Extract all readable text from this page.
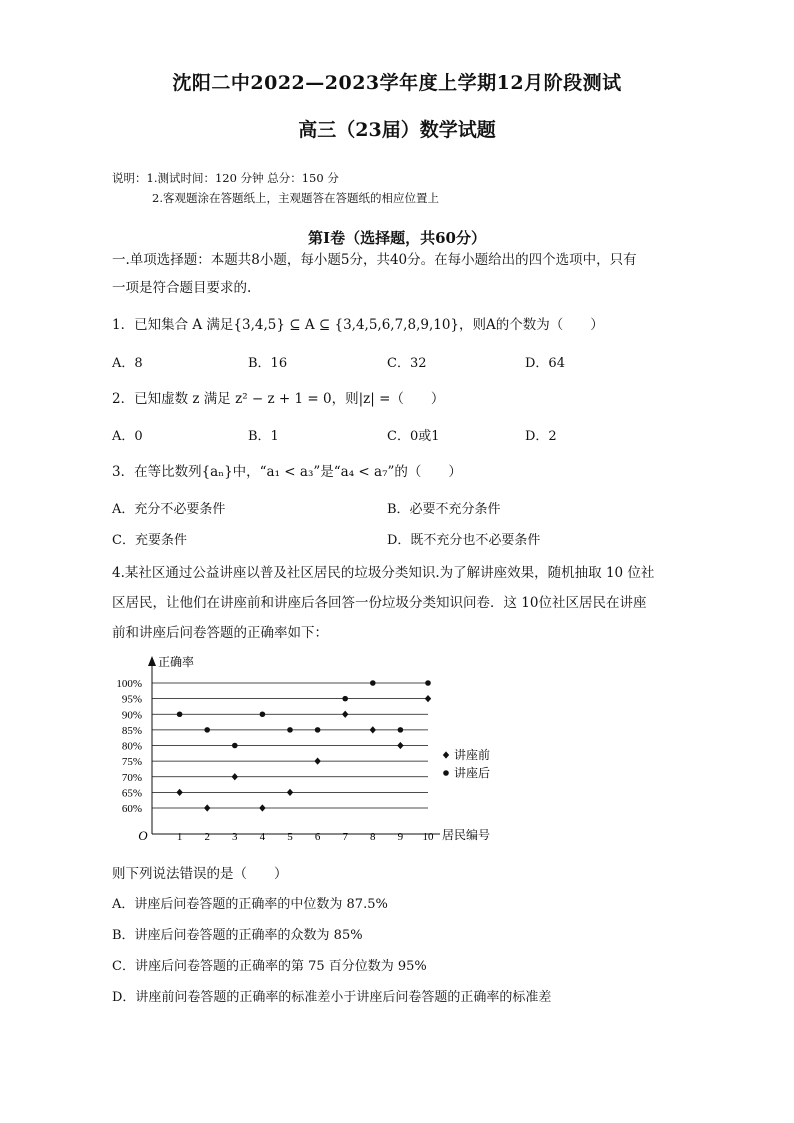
沈阳二中2022—2023学年度上学期12月阶段测试
高三（23届）数学试题
说明：1.测试时间：120 分钟 总分：150 分
2.客观题涂在答题纸上，主观题答在答题纸的相应位置上
第Ⅰ卷（选择题，共60分）
一.单项选择题：本题共8小题，每小题5分，共40分。在每小题给出的四个选项中，只有
一项是符合题目要求的.
1．已知集合 A 满足{3,4,5} ⊆ A ⊆ {3,4,5,6,7,8,9,10}，则A的个数为（　　）
A．8	B．16	C．32	D．64
2．已知虚数 z 满足 z² − z + 1 = 0，则|z| =（　　）
A．0	B．1	C．0或1	D．2
3．在等比数列{aₙ}中，“a₁ < a₃”是“a₄ < a₇”的（　　）
A．充分不必要条件	B．必要不充分条件
C．充要条件	D．既不充分也不必要条件
4.某社区通过公益讲座以普及社区居民的垃圾分类知识.为了解讲座效果，随机抽取 10 位社
区居民，让他们在讲座前和讲座后各回答一份垃圾分类知识问卷．这 10位社区居民在讲座
前和讲座后问卷答题的正确率如下：
O
正确率
居民编号
60%
65%
70%
75%
80%
85%
90%
95%
100%
1 2 3 4 5 6 7 8 9 10
讲座前
讲座后
则下列说法错误的是（　　）
A．讲座后问卷答题的正确率的中位数为 87.5%
B．讲座后问卷答题的正确率的众数为 85%
C．讲座后问卷答题的正确率的第 75 百分位数为 95%
D．讲座前问卷答题的正确率的标准差小于讲座后问卷答题的正确率的标准差
